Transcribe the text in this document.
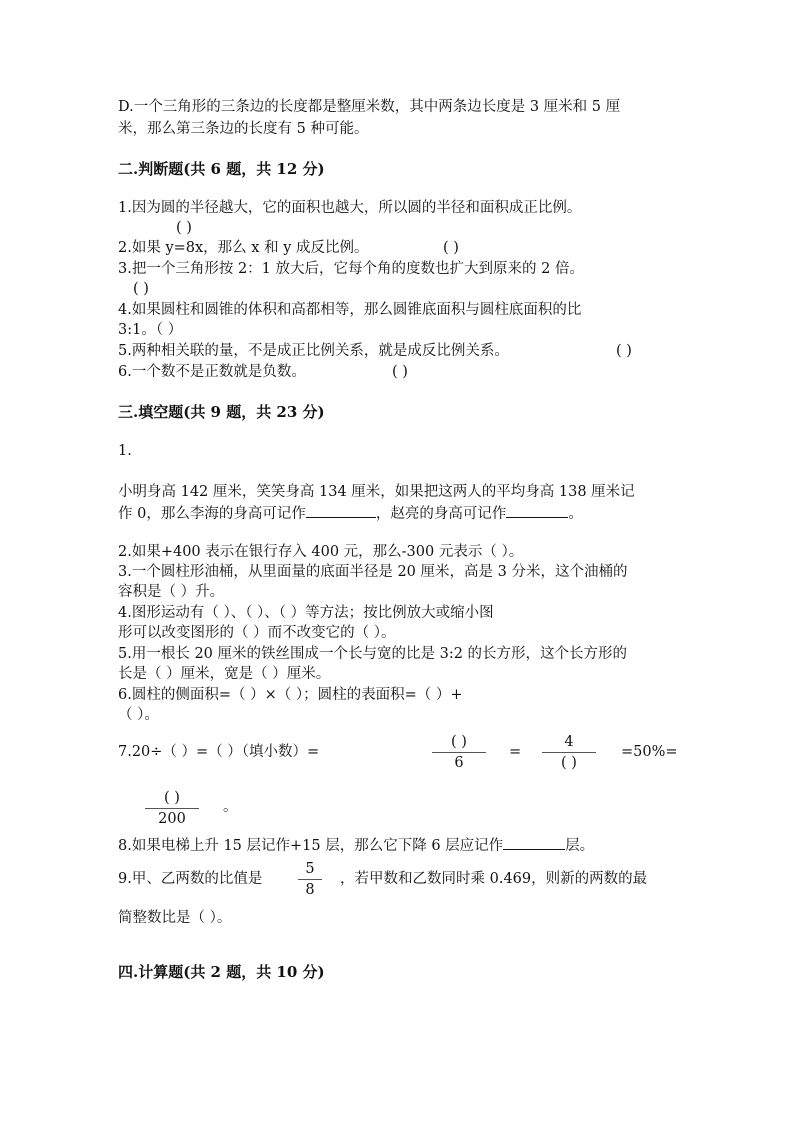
D.一个三角形的三条边的长度都是整厘米数，其中两条边长度是 3 厘米和 5 厘
米，那么第三条边的长度有 5 种可能。
二.判断题(共 6 题，共 12 分)
1.因为圆的半径越大，它的面积也越大，所以圆的半径和面积成正比例。
( )
2.如果 y=8x，那么 x 和 y 成反比例。	( )
3.把一个三角形按 2：1 放大后，它每个角的度数也扩大到原来的 2 倍。
( )
4.如果圆柱和圆锥的体积和高都相等，那么圆锥底面积与圆柱底面积的比
3:1。（ ）
5.两种相关联的量，不是成正比例关系，就是成反比例关系。	( )
6.一个数不是正数就是负数。	( )
三.填空题(共 9 题，共 23 分)
1.
小明身高 142 厘米，笑笑身高 134 厘米，如果把这两人的平均身高 138 厘米记
作 0，那么李海的身高可记作	，赵亮的身高可记作	。
2.如果+400 表示在银行存入 400 元，那么-300 元表示（ ）。
3.一个圆柱形油桶，从里面量的底面半径是 20 厘米，高是 3 分米，这个油桶的
容积是（ ）升。
4.图形运动有（ ）、（ ）、（ ）等方法；按比例放大或缩小图
形可以改变图形的（ ）而不改变它的（ ）。
5.用一根长 20 厘米的铁丝围成一个长与宽的比是 3:2 的长方形，这个长方形的
长是（ ）厘米，宽是（ ）厘米。
6.圆柱的侧面积=（ ）×（ ）；圆柱的表面积=（ ）+
（ ）。
7.20÷（ ）=（ ）（填小数）=
( )
6
=
4
( )
=50%=
( )
200
。
8.如果电梯上升 15 层记作+15 层，那么它下降 6 层应记作	层。
9.甲、乙两数的比值是
5
8
，若甲数和乙数同时乘 0.469，则新的两数的最
简整数比是（ ）。
四.计算题(共 2 题，共 10 分)
